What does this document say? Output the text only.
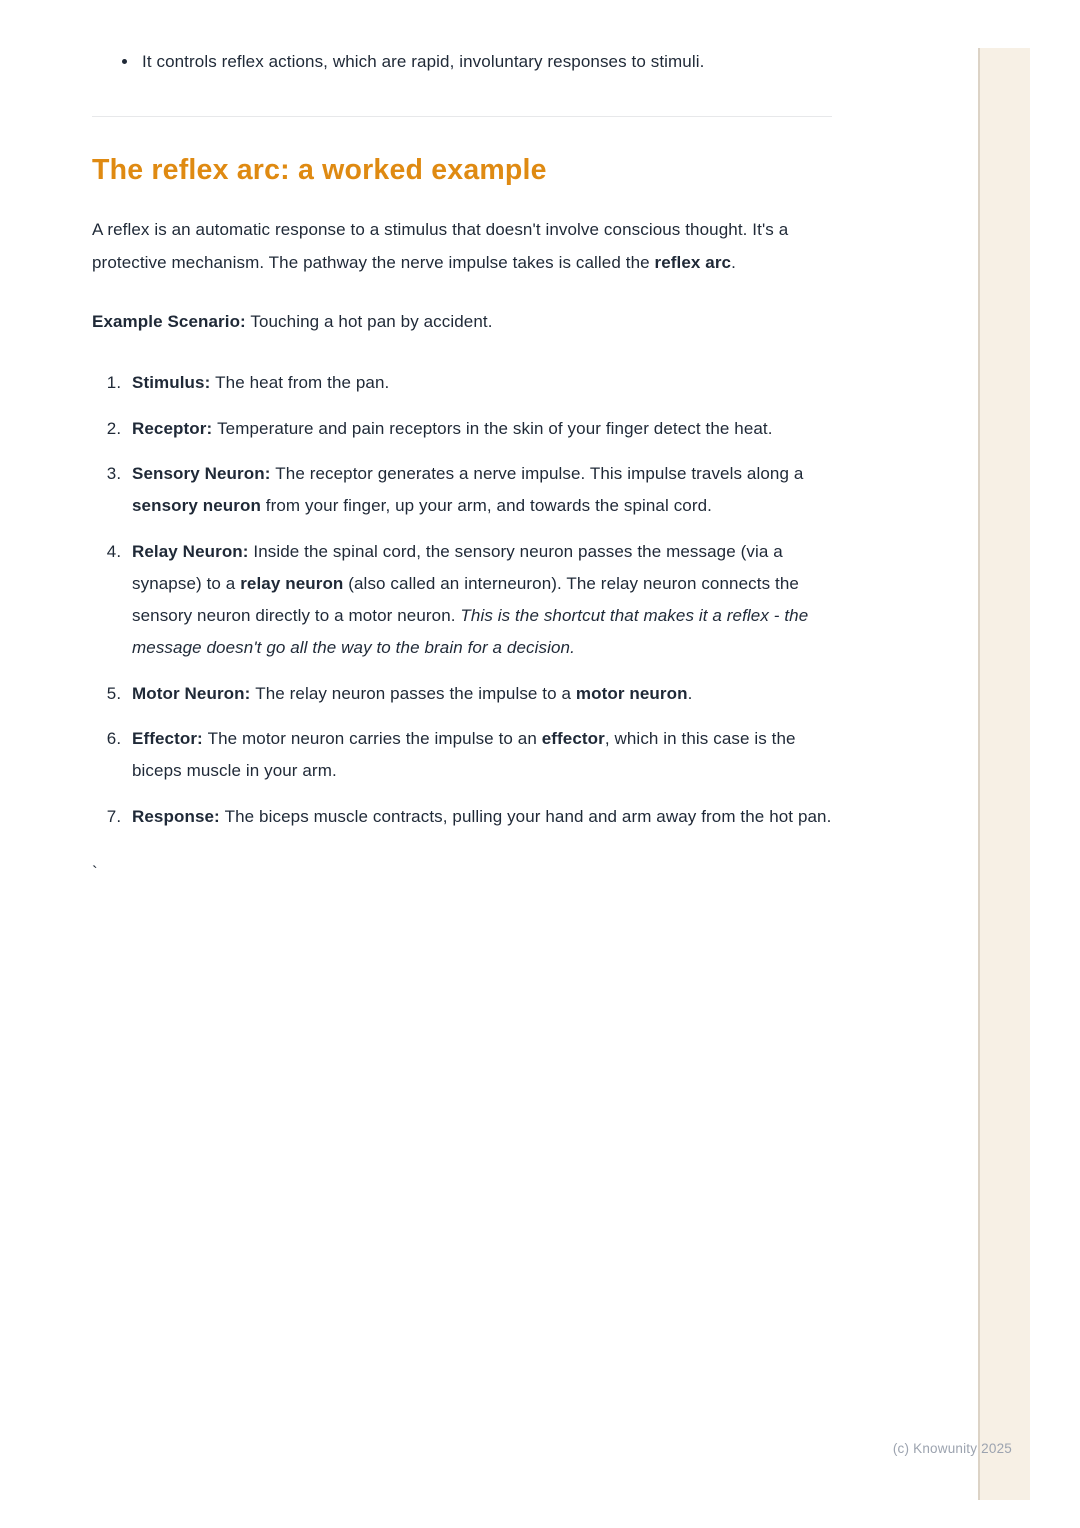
• It controls reflex actions, which are rapid, involuntary responses to stimuli.
The reflex arc: a worked example

A reflex is an automatic response to a stimulus that doesn't involve conscious thought. It's a protective mechanism. The pathway the nerve impulse takes is called the reflex arc.

Example Scenario: Touching a hot pan by accident.

1. Stimulus: The heat from the pan.
2. Receptor: Temperature and pain receptors in the skin of your finger detect the heat.
3. Sensory Neuron: The receptor generates a nerve impulse. This impulse travels along a sensory neuron from your finger, up your arm, and towards the spinal cord.
4. Relay Neuron: Inside the spinal cord, the sensory neuron passes the message (via a synapse) to a relay neuron (also called an interneuron). The relay neuron connects the sensory neuron directly to a motor neuron. This is the shortcut that makes it a reflex - the message doesn't go all the way to the brain for a decision.
5. Motor Neuron: The relay neuron passes the impulse to a motor neuron.
6. Effector: The motor neuron carries the impulse to an effector, which in this case is the biceps muscle in your arm.
7. Response: The biceps muscle contracts, pulling your hand and arm away from the hot pan.
`
(c) Knowunity 2025
